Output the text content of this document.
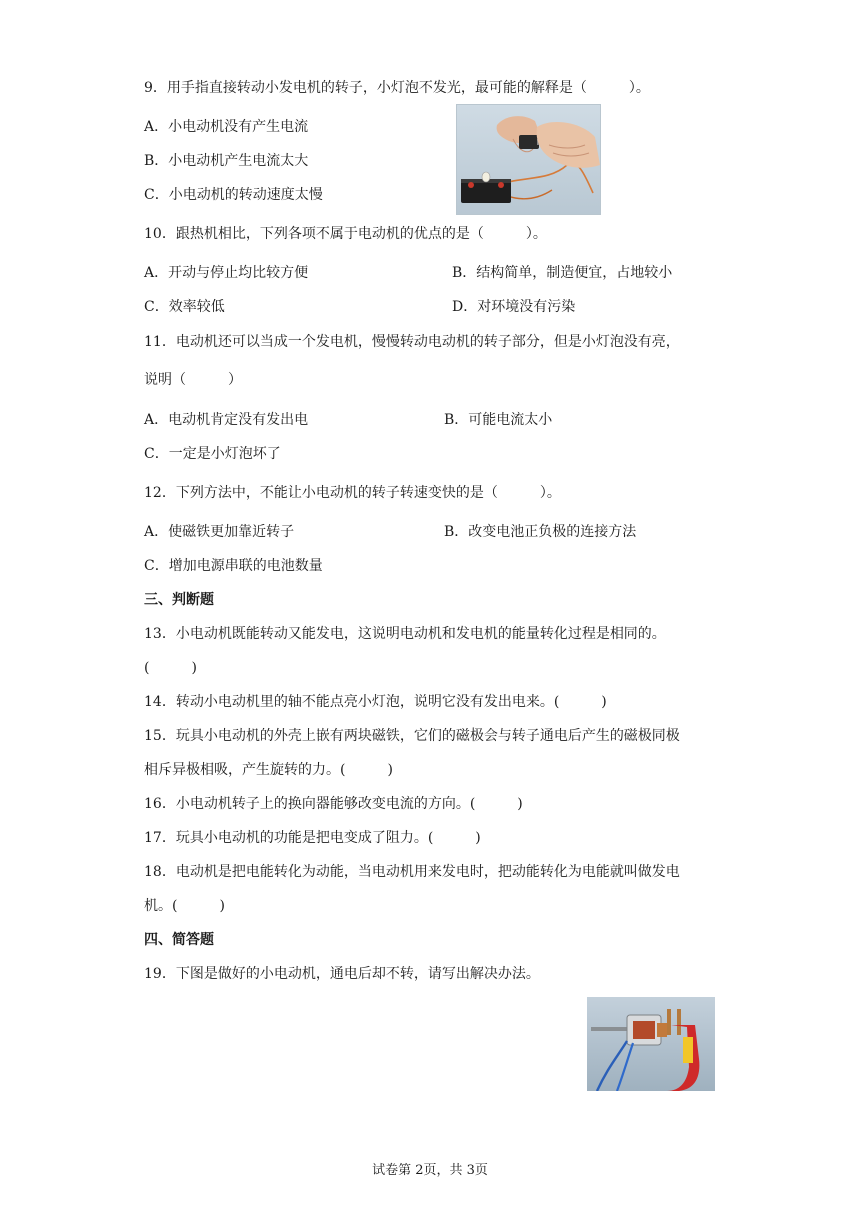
9．用手指直接转动小发电机的转子，小灯泡不发光，最可能的解释是（　　　）。
A．小电动机没有产生电流
B．小电动机产生电流太大
C．小电动机的转动速度太慢
10．跟热机相比，下列各项不属于电动机的优点的是（　　　）。
A．开动与停止均比较方便	B．结构简单，制造便宜，占地较小
C．效率较低	D．对环境没有污染
11．电动机还可以当成一个发电机，慢慢转动电动机的转子部分，但是小灯泡没有亮，
说明（　　　）
A．电动机肯定没有发出电	B．可能电流太小
C．一定是小灯泡坏了
12．下列方法中，不能让小电动机的转子转速变快的是（　　　）。
A．使磁铁更加靠近转子	B．改变电池正负极的连接方法
C．增加电源串联的电池数量
三、判断题
13．小电动机既能转动又能发电，这说明电动机和发电机的能量转化过程是相同的。
(　　　)
14．转动小电动机里的轴不能点亮小灯泡，说明它没有发出电来。(　　　)
15．玩具小电动机的外壳上嵌有两块磁铁，它们的磁极会与转子通电后产生的磁极同极
相斥异极相吸，产生旋转的力。(　　　)
16．小电动机转子上的换向器能够改变电流的方向。(　　　)
17．玩具小电动机的功能是把电变成了阻力。(　　　)
18．电动机是把电能转化为动能，当电动机用来发电时，把动能转化为电能就叫做发电
机。(　　　)
四、简答题
19．下图是做好的小电动机，通电后却不转，请写出解决办法。
试卷第 2页，共 3页
